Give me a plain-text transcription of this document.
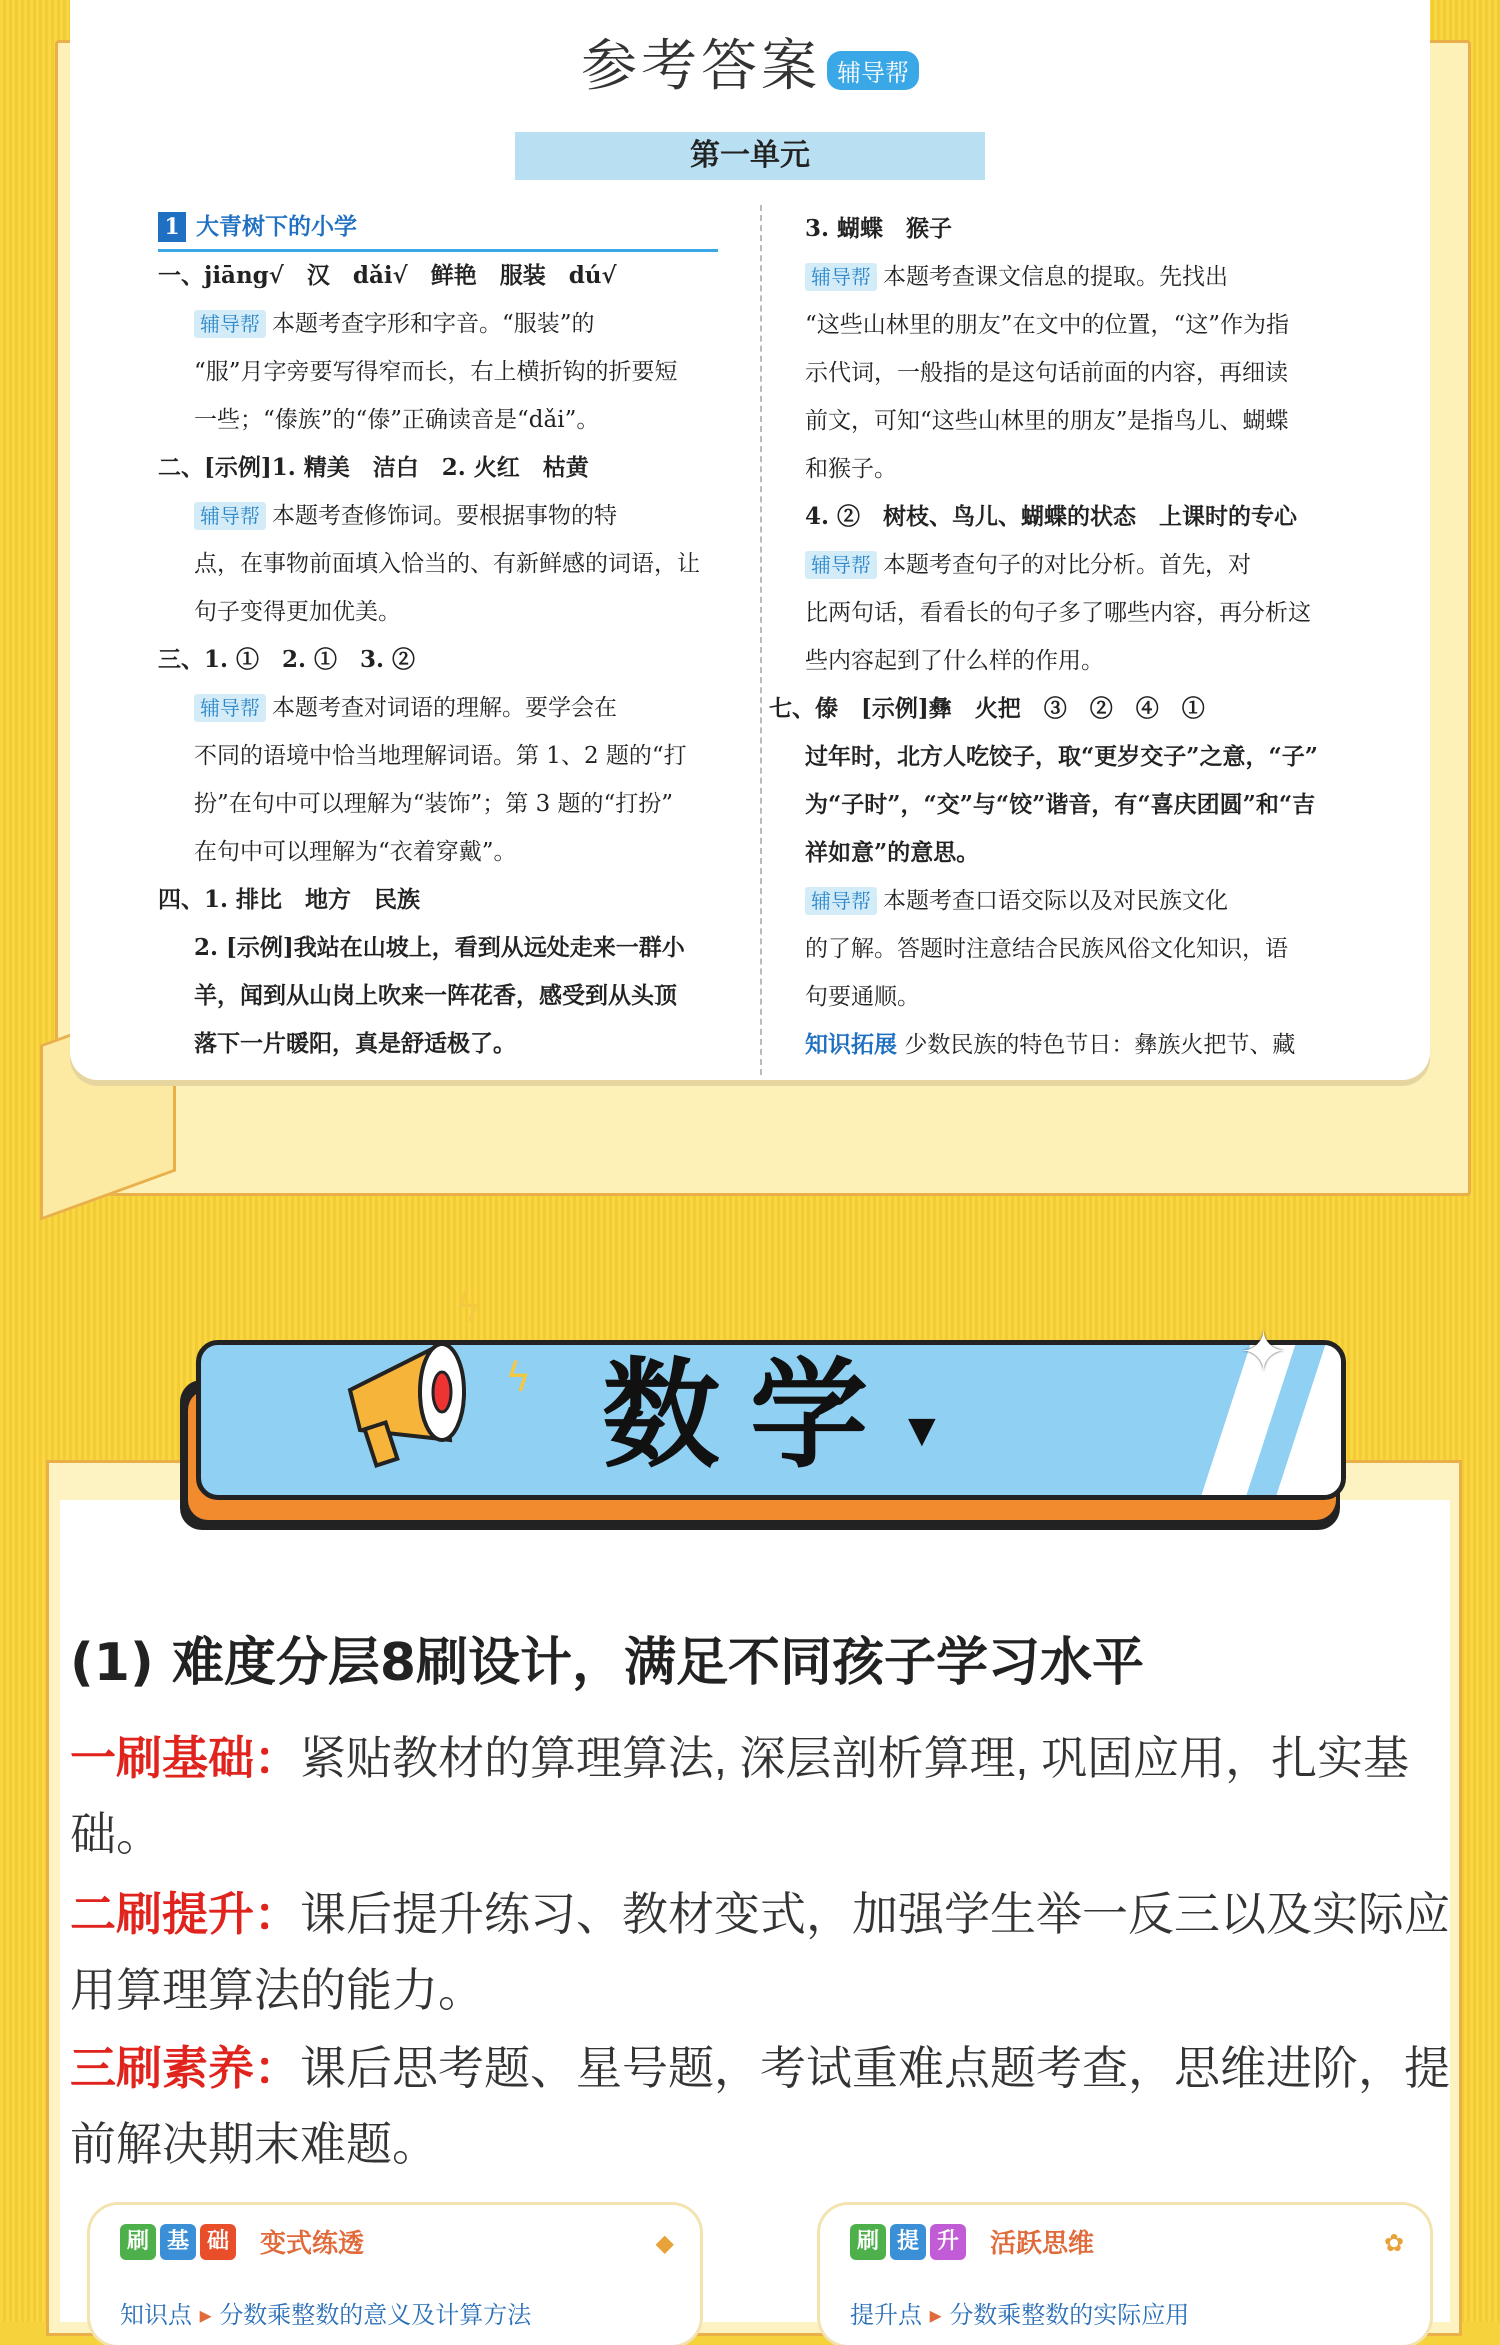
参考答案 辅导帮
第一单元
1 大青树下的小学
一、jiāng√　汉　dǎi√　鲜艳　服装　dú√
辅导帮 本题考查字形和字音。“服装”的
“服”月字旁要写得窄而长，右上横折钩的折要短
一些；“傣族”的“傣”正确读音是“dǎi”。
二、[示例]1. 精美　洁白　2. 火红　枯黄
辅导帮 本题考查修饰词。要根据事物的特
点，在事物前面填入恰当的、有新鲜感的词语，让
句子变得更加优美。
三、1. ①　2. ①　3. ②
辅导帮 本题考查对词语的理解。要学会在
不同的语境中恰当地理解词语。第 1、2 题的“打
扮”在句中可以理解为“装饰”；第 3 题的“打扮”
在句中可以理解为“衣着穿戴”。
四、1. 排比　地方　民族
2. [示例]我站在山坡上，看到从远处走来一群小
羊，闻到从山岗上吹来一阵花香，感受到从头顶
落下一片暖阳，真是舒适极了。
3. 蝴蝶　猴子
辅导帮 本题考查课文信息的提取。先找出
“这些山林里的朋友”在文中的位置，“这”作为指
示代词，一般指的是这句话前面的内容，再细读
前文，可知“这些山林里的朋友”是指鸟儿、蝴蝶
和猴子。
4. ②　树枝、鸟儿、蝴蝶的状态　上课时的专心
辅导帮 本题考查句子的对比分析。首先，对
比两句话，看看长的句子多了哪些内容，再分析这
些内容起到了什么样的作用。
七、傣　[示例]彝　火把　③　②　④　①
过年时，北方人吃饺子，取“更岁交子”之意，“子”
为“子时”，“交”与“饺”谐音，有“喜庆团圆”和“吉
祥如意”的意思。
辅导帮 本题考查口语交际以及对民族文化
的了解。答题时注意结合民族风俗文化知识，语
句要通顺。
知识拓展 少数民族的特色节日：彝族火把节、藏
数学 ▼
ϟ
ϟ	✦
(1) 难度分层8刷设计，满足不同孩子学习水平
一刷基础：紧贴教材的算理算法, 深层剖析算理, 巩固应用，扎实基础。
二刷提升：课后提升练习、教材变式，加强学生举一反三以及实际应用算理算法的能力。
三刷素养：课后思考题、星号题，考试重难点题考查，思维进阶，提前解决期末难题。
刷 基 础 变式练透	◆
知识点 ▸ 分数乘整数的意义及计算方法
刷 提 升 活跃思维	✿
提升点 ▸ 分数乘整数的实际应用
